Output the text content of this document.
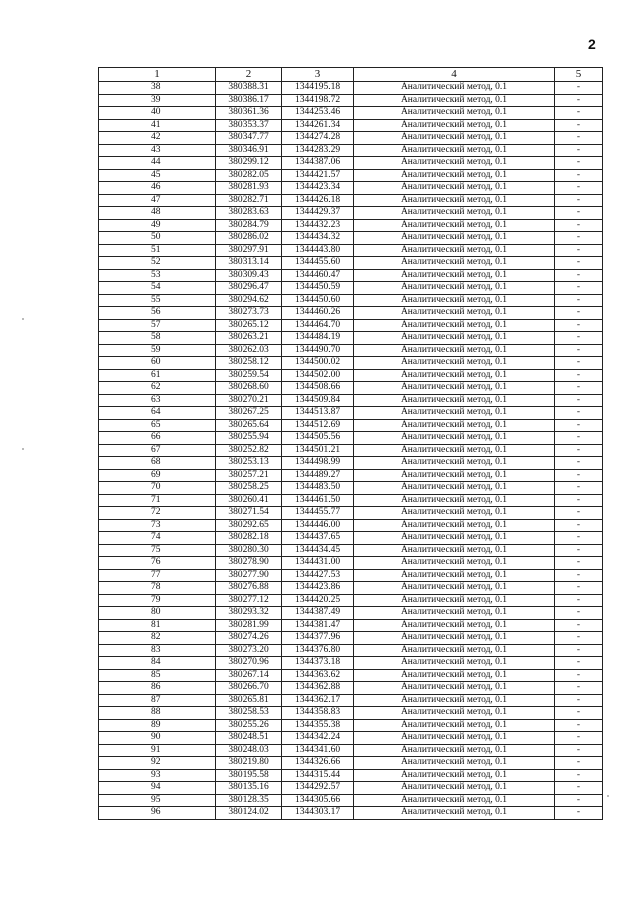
2
1	2	3	4	5
38	380388.31	1344195.18	Аналитический метод, 0.1	-
39	380386.17	1344198.72	Аналитический метод, 0.1	-
40	380361.36	1344253.46	Аналитический метод, 0.1	-
41	380353.37	1344261.34	Аналитический метод, 0.1	-
42	380347.77	1344274.28	Аналитический метод, 0.1	-
43	380346.91	1344283.29	Аналитический метод, 0.1	-
44	380299.12	1344387.06	Аналитический метод, 0.1	-
45	380282.05	1344421.57	Аналитический метод, 0.1	-
46	380281.93	1344423.34	Аналитический метод, 0.1	-
47	380282.71	1344426.18	Аналитический метод, 0.1	-
48	380283.63	1344429.37	Аналитический метод, 0.1	-
49	380284.79	1344432.23	Аналитический метод, 0.1	-
50	380286.02	1344434.32	Аналитический метод, 0.1	-
51	380297.91	1344443.80	Аналитический метод, 0.1	-
52	380313.14	1344455.60	Аналитический метод, 0.1	-
53	380309.43	1344460.47	Аналитический метод, 0.1	-
54	380296.47	1344450.59	Аналитический метод, 0.1	-
55	380294.62	1344450.60	Аналитический метод, 0.1	-
56	380273.73	1344460.26	Аналитический метод, 0.1	-
57	380265.12	1344464.70	Аналитический метод, 0.1	-
58	380263.21	1344484.19	Аналитический метод, 0.1	-
59	380262.03	1344490.70	Аналитический метод, 0.1	-
60	380258.12	1344500.02	Аналитический метод, 0.1	-
61	380259.54	1344502.00	Аналитический метод, 0.1	-
62	380268.60	1344508.66	Аналитический метод, 0.1	-
63	380270.21	1344509.84	Аналитический метод, 0.1	-
64	380267.25	1344513.87	Аналитический метод, 0.1	-
65	380265.64	1344512.69	Аналитический метод, 0.1	-
66	380255.94	1344505.56	Аналитический метод, 0.1	-
67	380252.82	1344501.21	Аналитический метод, 0.1	-
68	380253.13	1344498.99	Аналитический метод, 0.1	-
69	380257.21	1344489.27	Аналитический метод, 0.1	-
70	380258.25	1344483.50	Аналитический метод, 0.1	-
71	380260.41	1344461.50	Аналитический метод, 0.1	-
72	380271.54	1344455.77	Аналитический метод, 0.1	-
73	380292.65	1344446.00	Аналитический метод, 0.1	-
74	380282.18	1344437.65	Аналитический метод, 0.1	-
75	380280.30	1344434.45	Аналитический метод, 0.1	-
76	380278.90	1344431.00	Аналитический метод, 0.1	-
77	380277.90	1344427.53	Аналитический метод, 0.1	-
78	380276.88	1344423.86	Аналитический метод, 0.1	-
79	380277.12	1344420.25	Аналитический метод, 0.1	-
80	380293.32	1344387.49	Аналитический метод, 0.1	-
81	380281.99	1344381.47	Аналитический метод, 0.1	-
82	380274.26	1344377.96	Аналитический метод, 0.1	-
83	380273.20	1344376.80	Аналитический метод, 0.1	-
84	380270.96	1344373.18	Аналитический метод, 0.1	-
85	380267.14	1344363.62	Аналитический метод, 0.1	-
86	380266.70	1344362.88	Аналитический метод, 0.1	-
87	380265.81	1344362.17	Аналитический метод, 0.1	-
88	380258.53	1344358.83	Аналитический метод, 0.1	-
89	380255.26	1344355.38	Аналитический метод, 0.1	-
90	380248.51	1344342.24	Аналитический метод, 0.1	-
91	380248.03	1344341.60	Аналитический метод, 0.1	-
92	380219.80	1344326.66	Аналитический метод, 0.1	-
93	380195.58	1344315.44	Аналитический метод, 0.1	-
94	380135.16	1344292.57	Аналитический метод, 0.1	-
95	380128.35	1344305.66	Аналитический метод, 0.1	-
96	380124.02	1344303.17	Аналитический метод, 0.1	-
